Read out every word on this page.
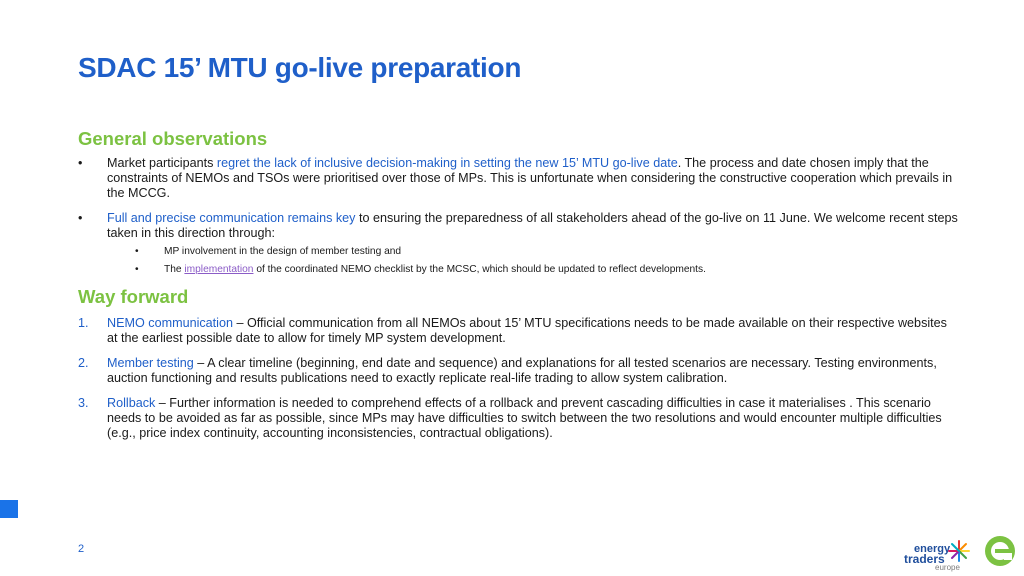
SDAC 15’ MTU go-live preparation
General observations
• Market participants regret the lack of inclusive decision-making in setting the new 15’ MTU go-live date. The process and date chosen imply that the constraints of NEMOs and TSOs were prioritised over those of MPs. This is unfortunate when considering the constructive cooperation which prevails in the MCCG.
• Full and precise communication remains key to ensuring the preparedness of all stakeholders ahead of the go-live on 11 June. We welcome recent steps taken in this direction through:
• MP involvement in the design of member testing and
• The implementation of the coordinated NEMO checklist by the MCSC, which should be updated to reflect developments.
Way forward
1. NEMO communication – Official communication from all NEMOs about 15’ MTU specifications needs to be made available on their respective websites at the earliest possible date to allow for timely MP system development.
2. Member testing – A clear timeline (beginning, end date and sequence) and explanations for all tested scenarios are necessary. Testing environments, auction functioning and results publications need to exactly replicate real-life trading to allow system calibration.
3. Rollback – Further information is needed to comprehend effects of a rollback and prevent cascading difficulties in case it materialises . This scenario needs to be avoided as far as possible, since MPs may have difficulties to switch between the two resolutions and would encounter multiple difficulties (e.g., price index continuity, accounting inconsistencies, contractual obligations).
2	energy
traders
europe
